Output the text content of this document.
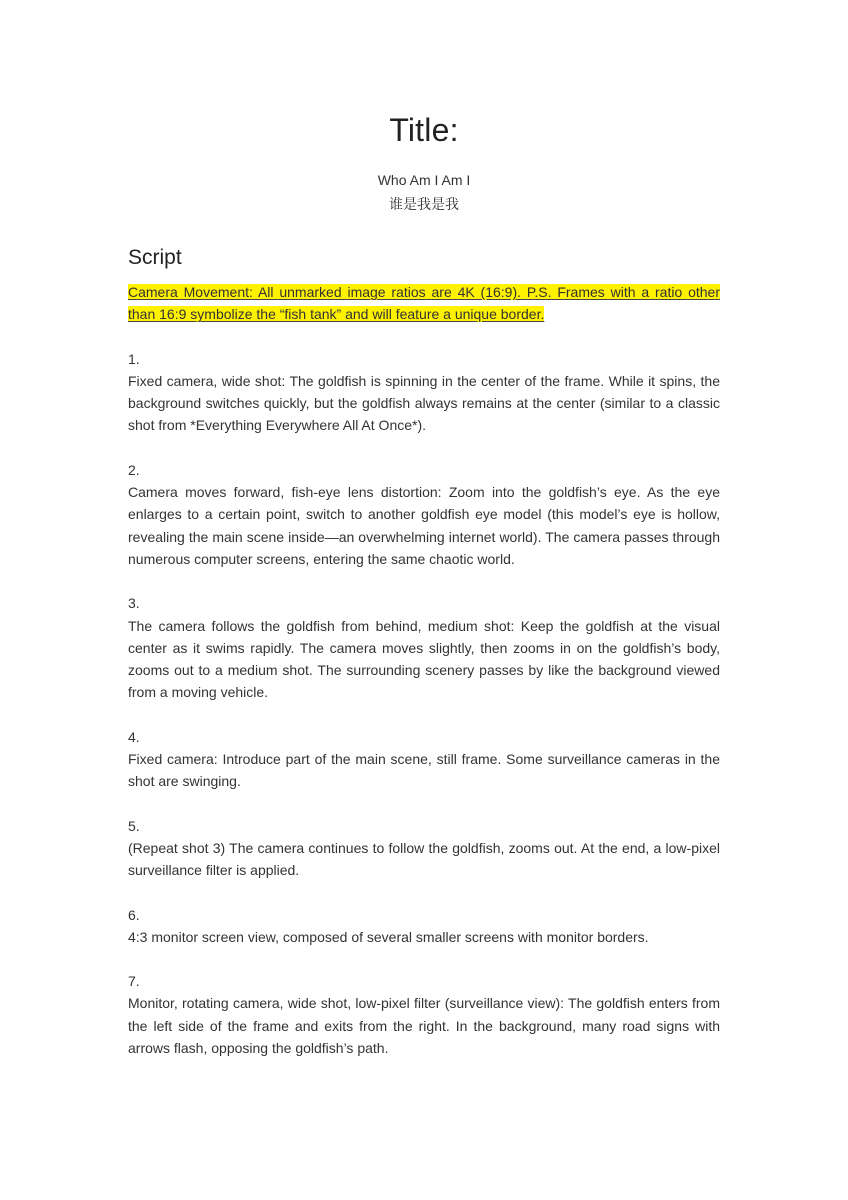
Title:
Who Am I Am I
谁是我是我
Script

Camera Movement: All unmarked image ratios are 4K (16:9). P.S. Frames with a ratio other than 16:9 symbolize the “fish tank” and will feature a unique border.

1.
Fixed camera, wide shot: The goldfish is spinning in the center of the frame. While it spins, the background switches quickly, but the goldfish always remains at the center (similar to a classic shot from *Everything Everywhere All At Once*).
2.
Camera moves forward, fish-eye lens distortion: Zoom into the goldfish’s eye. As the eye enlarges to a certain point, switch to another goldfish eye model (this model’s eye is hollow, revealing the main scene inside—an overwhelming internet world). The camera passes through numerous computer screens, entering the same chaotic world.
3.
The camera follows the goldfish from behind, medium shot: Keep the goldfish at the visual center as it swims rapidly. The camera moves slightly, then zooms in on the goldfish’s body, zooms out to a medium shot. The surrounding scenery passes by like the background viewed from a moving vehicle.
4.
Fixed camera: Introduce part of the main scene, still frame. Some surveillance cameras in the shot are swinging.
5.
(Repeat shot 3) The camera continues to follow the goldfish, zooms out. At the end, a low-pixel surveillance filter is applied.
6.
4:3 monitor screen view, composed of several smaller screens with monitor borders.
7.
Monitor, rotating camera, wide shot, low-pixel filter (surveillance view): The goldfish enters from the left side of the frame and exits from the right. In the background, many road signs with arrows flash, opposing the goldfish’s path.
